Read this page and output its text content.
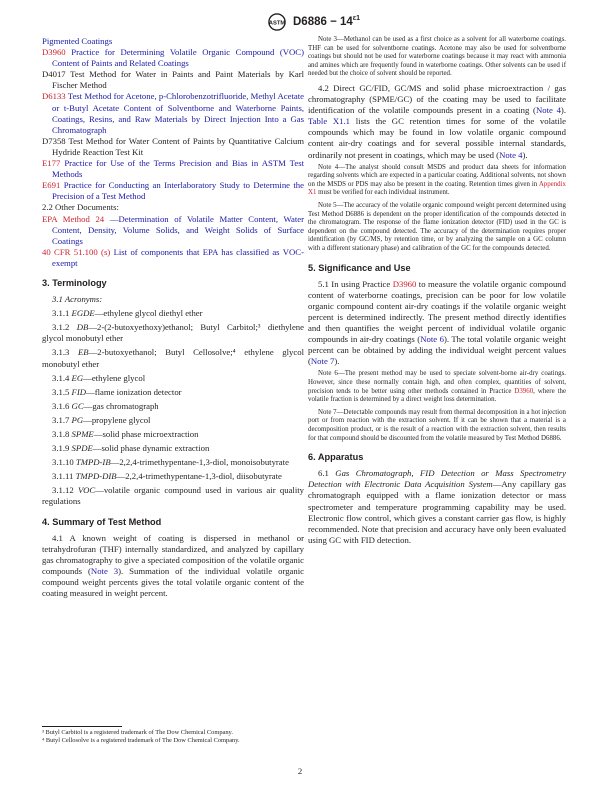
ASTM $D6886 - 14^{\varepsilon 1}$

Pigmented Coatings

D3960 Practice for Determining Volatile Organic Compound (VOC) Content of Paints and Related Coatings

D4017 Test Method for Water in Paints and Paint Materials by Karl Fischer Method

D6133 Test Method for Acetone, p-Chlorobenzotrifluoride, Methyl Acetate or t-Butyl Acetate Content of Solventborne and Waterborne Paints, Coatings, Resins, and Raw Materials by Direct Injection Into a Gas Chromatograph

D7358 Test Method for Water Content of Paints by Quantitative Calcium Hydride Reaction Test Kit

E177 Practice for Use of the Terms Precision and Bias in ASTM Test Methods

E691 Practice for Conducting an Interlaboratory Study to Determine the Precision of a Test Method

2.2 Other Documents:

EPA Method 24 —Determination of Volatile Matter Content, Water Content, Density, Volume Solids, and Weight Solids of Surface Coatings

40 CFR 51.100 (s) List of components that EPA has classified as VOC-exempt

3. Terminology

3.1 Acronyms:

3.1.1 EGDE—ethylene glycol diethyl ether

3.1.2 DB—2-(2-butoxyethoxy)ethanol; Butyl Carbitol;³ diethylene glycol monobutyl ether

3.1.3 EB—2-butoxyethanol; Butyl Cellosolve;⁴ ethylene glycol monobutyl ether

3.1.4 EG—ethylene glycol

3.1.5 FID—flame ionization detector

3.1.6 GC—gas chromatograph

3.1.7 PG—propylene glycol

3.1.8 SPME—solid phase microextraction

3.1.9 SPDE—solid phase dynamic extraction

3.1.10 TMPD-IB—2,2,4-trimethypentane-1,3-diol, monoisobutyrate

3.1.11 TMPD-DIB—2,2,4-trimethypentane-1,3-diol, diisobutyrate

3.1.12 VOC—volatile organic compound used in various air quality regulations

4. Summary of Test Method

4.1 A known weight of coating is dispersed in methanol or tetrahydrofuran (THF) internally standardized, and analyzed by capillary gas chromatography to give a speciated composition of the volatile organic compounds (Note 3). Summation of the individual volatile organic compound weight percents gives the total volatile organic content of the coating measured in weight percent.

³ Butyl Carbitol is a registered trademark of The Dow Chemical Company.
⁴ Butyl Cellosolve is a registered trademark of The Dow Chemical Company.

Note 3—Methanol can be used as a first choice as a solvent for all waterborne coatings. THF can be used for solventborne coatings. Acetone may also be used for solventborne coatings but should not be used for waterborne coatings because it may react with ammonia and amines which are frequently found in waterborne coatings. Other solvents can be used if needed but the choice of solvent should be reported.

4.2 Direct GC/FID, GC/MS and solid phase microextraction / gas chromatography (SPME/GC) of the coating may be used to facilitate identification of the volatile compounds present in a coating (Note 4). Table X1.1 lists the GC retention times for some of the volatile compounds which may be found in low volatile organic compound content air-dry coatings and for several possible internal standards, ordinarily not present in coatings, which may be used (Note 4).

Note 4—The analyst should consult MSDS and product data sheets for information regarding solvents which are expected in a particular coating. Additional solvents, not shown on the MSDS or PDS may also be present in the coating. Retention times given in Appendix X1 must be verified for each individual instrument.

Note 5—The accuracy of the volatile organic compound weight percent determined using Test Method D6886 is dependent on the proper identification of the compounds detected in the chromatogram. The response of the flame ionization detector (FID) used in the GC is dependent on the compound detected. The accuracy of the determination requires proper identification (by GC/MS, by retention time, or by analyzing the sample on a GC column with a different stationary phase) and calibration of the GC for the compounds detected.

5. Significance and Use

5.1 In using Practice D3960 to measure the volatile organic compound content of waterborne coatings, precision can be poor for low volatile organic compound content air-dry coatings if the volatile organic weight percent is determined indirectly. The present method directly identifies and then quantifies the weight percent of individual volatile organic compounds in air-dry coatings (Note 6). The total volatile organic weight percent can be obtained by adding the individual weight percent values (Note 7).

Note 6—The present method may be used to speciate solvent-borne air-dry coatings. However, since these normally contain high, and often complex, quantities of solvent, precision tends to be better using other methods contained in Practice D3960, where the volatile fraction is determined by a direct weight loss determination.

Note 7—Detectable compounds may result from thermal decomposition in a hot injection port or from reaction with the extraction solvent. If it can be shown that a material is a decomposition product, or is the result of a reaction with the extraction solvent, then results for that compound should be discounted from the volatile measured by Test Method D6886.

6. Apparatus

6.1 Gas Chromatograph, FID Detection or Mass Spectrometry Detection with Electronic Data Acquisition System—Any capillary gas chromatograph equipped with a flame ionization detector or mass spectrometer and temperature programming capability may be used. Electronic flow control, which gives a constant carrier gas flow, is highly recommended. Note that precision and accuracy have only been evaluated using GC with FID detection.

2
